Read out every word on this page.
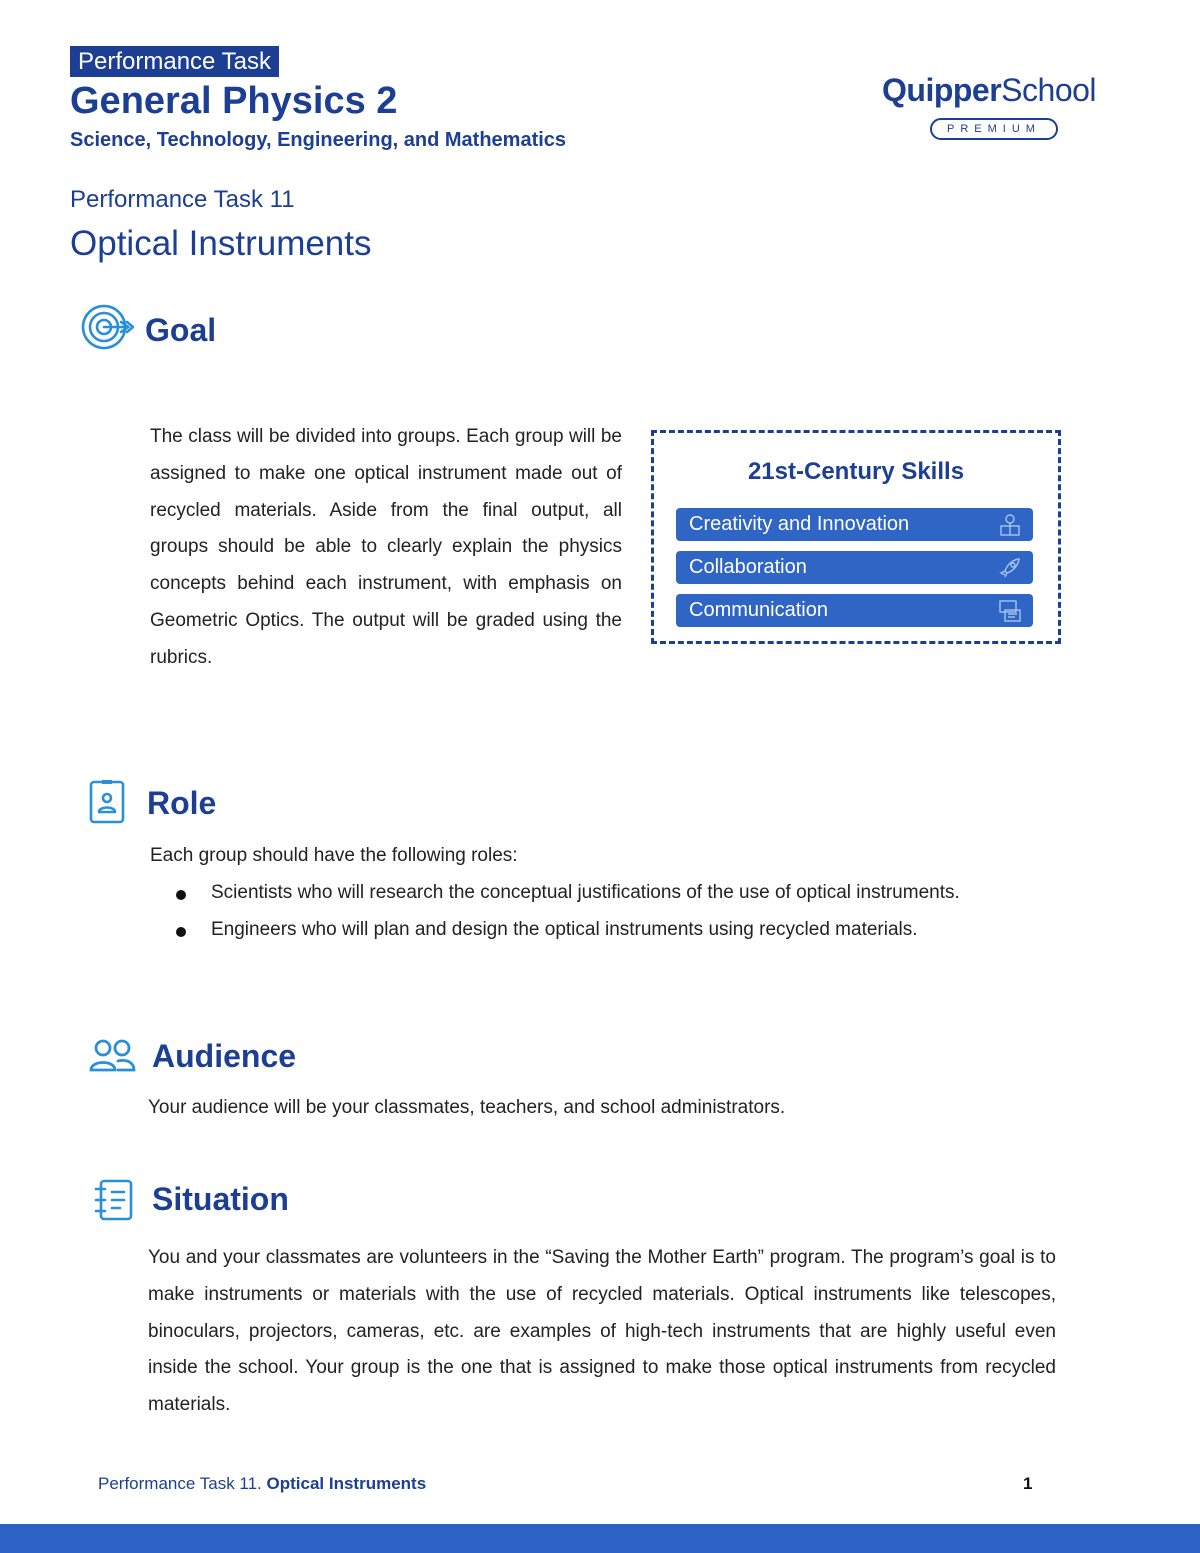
Performance Task
General Physics 2
Science, Technology, Engineering, and Mathematics
Performance Task 11
Optical Instruments
QuipperSchool
PREMIUM
Goal
The class will be divided into groups. Each group will be assigned to make one optical instrument made out of recycled materials. Aside from the final output, all groups should be able to clearly explain the physics concepts behind each instrument, with emphasis on Geometric Optics. The output will be graded using the rubrics.
21st-Century Skills
Creativity and Innovation
Collaboration
Communication
Role
Each group should have the following roles:
Scientists who will research the conceptual justifications of the use of optical instruments.
Engineers who will plan and design the optical instruments using recycled materials.
Audience
Your audience will be your classmates, teachers, and school administrators.
Situation
You and your classmates are volunteers in the “Saving the Mother Earth” program. The program’s goal is to make instruments or materials with the use of recycled materials. Optical instruments like telescopes, binoculars, projectors, cameras, etc. are examples of high-tech instruments that are highly useful even inside the school. Your group is the one that is assigned to make those optical instruments from recycled materials.
Performance Task 11. Optical Instruments	1
